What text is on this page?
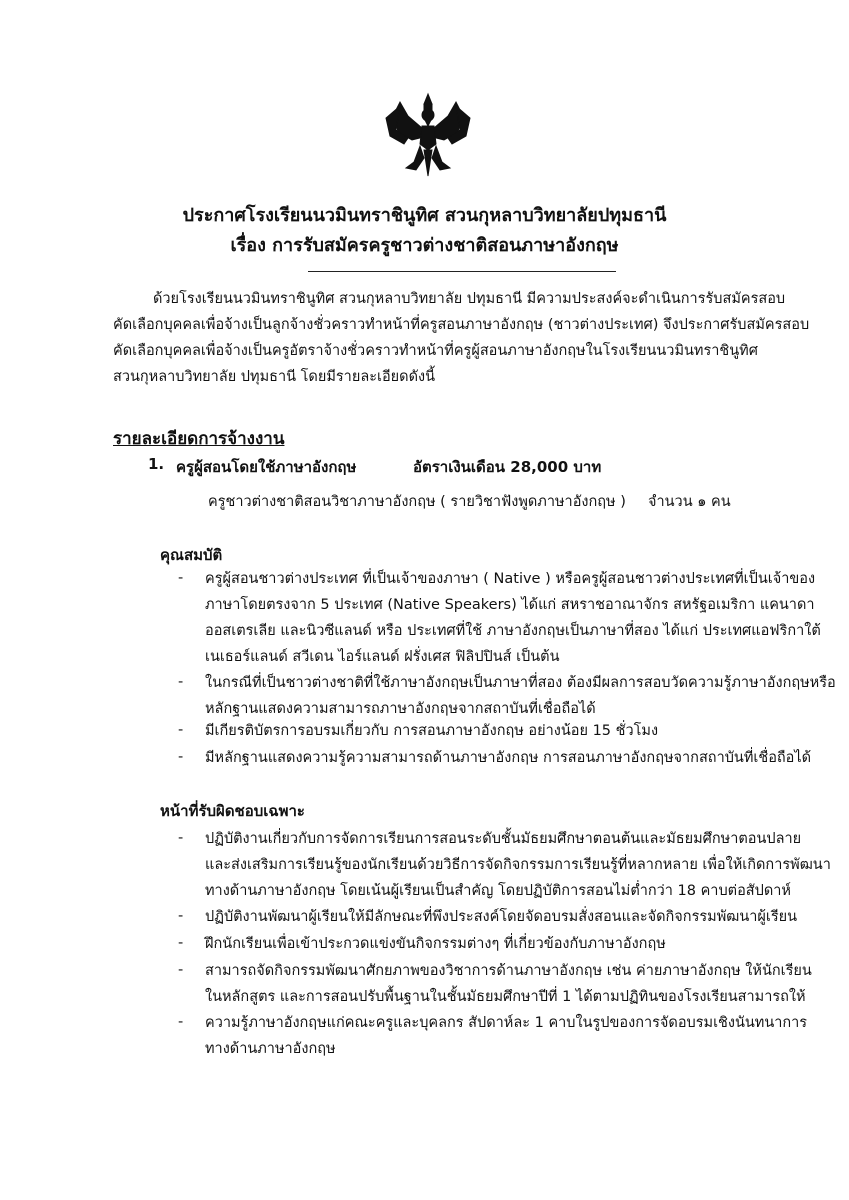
ประกาศโรงเรียนนวมินทราชินูทิศ สวนกุหลาบวิทยาลัยปทุมธานี
เรื่อง การรับสมัครครูชาวต่างชาติสอนภาษาอังกฤษ
ด้วยโรงเรียนนวมินทราชินูทิศ สวนกุหลาบวิทยาลัย ปทุมธานี มีความประสงค์จะดำเนินการรับสมัครสอบ
คัดเลือกบุคคลเพื่อจ้างเป็นลูกจ้างชั่วคราวทำหน้าที่ครูสอนภาษาอังกฤษ (ชาวต่างประเทศ) จึงประกาศรับสมัครสอบ
คัดเลือกบุคคลเพื่อจ้างเป็นครูอัตราจ้างชั่วคราวทำหน้าที่ครูผู้สอนภาษาอังกฤษในโรงเรียนนวมินทราชินูทิศ
สวนกุหลาบวิทยาลัย ปทุมธานี โดยมีรายละเอียดดังนี้
รายละเอียดการจ้างงาน
1. ครูผู้สอนโดยใช้ภาษาอังกฤษ	อัตราเงินเดือน 28,000 บาท
ครูชาวต่างชาติสอนวิชาภาษาอังกฤษ ( รายวิชาฟังพูดภาษาอังกฤษ ) จำนวน ๑ คน
คุณสมบัติ
- ครูผู้สอนชาวต่างประเทศ ที่เป็นเจ้าของภาษา ( Native ) หรือครูผู้สอนชาวต่างประเทศที่เป็นเจ้าของ
ภาษาโดยตรงจาก 5 ประเทศ (Native Speakers) ได้แก่ สหราชอาณาจักร สหรัฐอเมริกา แคนาดา
ออสเตรเลีย และนิวซีแลนด์ หรือ ประเทศที่ใช้ ภาษาอังกฤษเป็นภาษาที่สอง ได้แก่ ประเทศแอฟริกาใต้
เนเธอร์แลนด์ สวีเดน ไอร์แลนด์ ฝรั่งเศส ฟิลิปปินส์ เป็นต้น
- ในกรณีที่เป็นชาวต่างชาติที่ใช้ภาษาอังกฤษเป็นภาษาที่สอง ต้องมีผลการสอบวัดความรู้ภาษาอังกฤษหรือ
หลักฐานแสดงความสามารถภาษาอังกฤษจากสถาบันที่เชื่อถือได้
- มีเกียรติบัตรการอบรมเกี่ยวกับ การสอนภาษาอังกฤษ อย่างน้อย 15 ชั่วโมง
- มีหลักฐานแสดงความรู้ความสามารถด้านภาษาอังกฤษ การสอนภาษาอังกฤษจากสถาบันที่เชื่อถือได้
หน้าที่รับผิดชอบเฉพาะ
- ปฏิบัติงานเกี่ยวกับการจัดการเรียนการสอนระดับชั้นมัธยมศึกษาตอนต้นและมัธยมศึกษาตอนปลาย
และส่งเสริมการเรียนรู้ของนักเรียนด้วยวิธีการจัดกิจกรรมการเรียนรู้ที่หลากหลาย เพื่อให้เกิดการพัฒนา
ทางด้านภาษาอังกฤษ โดยเน้นผู้เรียนเป็นสำคัญ โดยปฏิบัติการสอนไม่ต่ำกว่า 18 คาบต่อสัปดาห์
- ปฏิบัติงานพัฒนาผู้เรียนให้มีลักษณะที่พึงประสงค์โดยจัดอบรมสั่งสอนและจัดกิจกรรมพัฒนาผู้เรียน
- ฝึกนักเรียนเพื่อเข้าประกวดแข่งขันกิจกรรมต่างๆ ที่เกี่ยวข้องกับภาษาอังกฤษ
- สามารถจัดกิจกรรมพัฒนาศักยภาพของวิชาการด้านภาษาอังกฤษ เช่น ค่ายภาษาอังกฤษ ให้นักเรียน
ในหลักสูตร และการสอนปรับพื้นฐานในชั้นมัธยมศึกษาปีที่ 1 ได้ตามปฏิทินของโรงเรียนสามารถให้
- ความรู้ภาษาอังกฤษแก่คณะครูและบุคลกร สัปดาห์ละ 1 คาบในรูปของการจัดอบรมเชิงนันทนาการ
ทางด้านภาษาอังกฤษ
